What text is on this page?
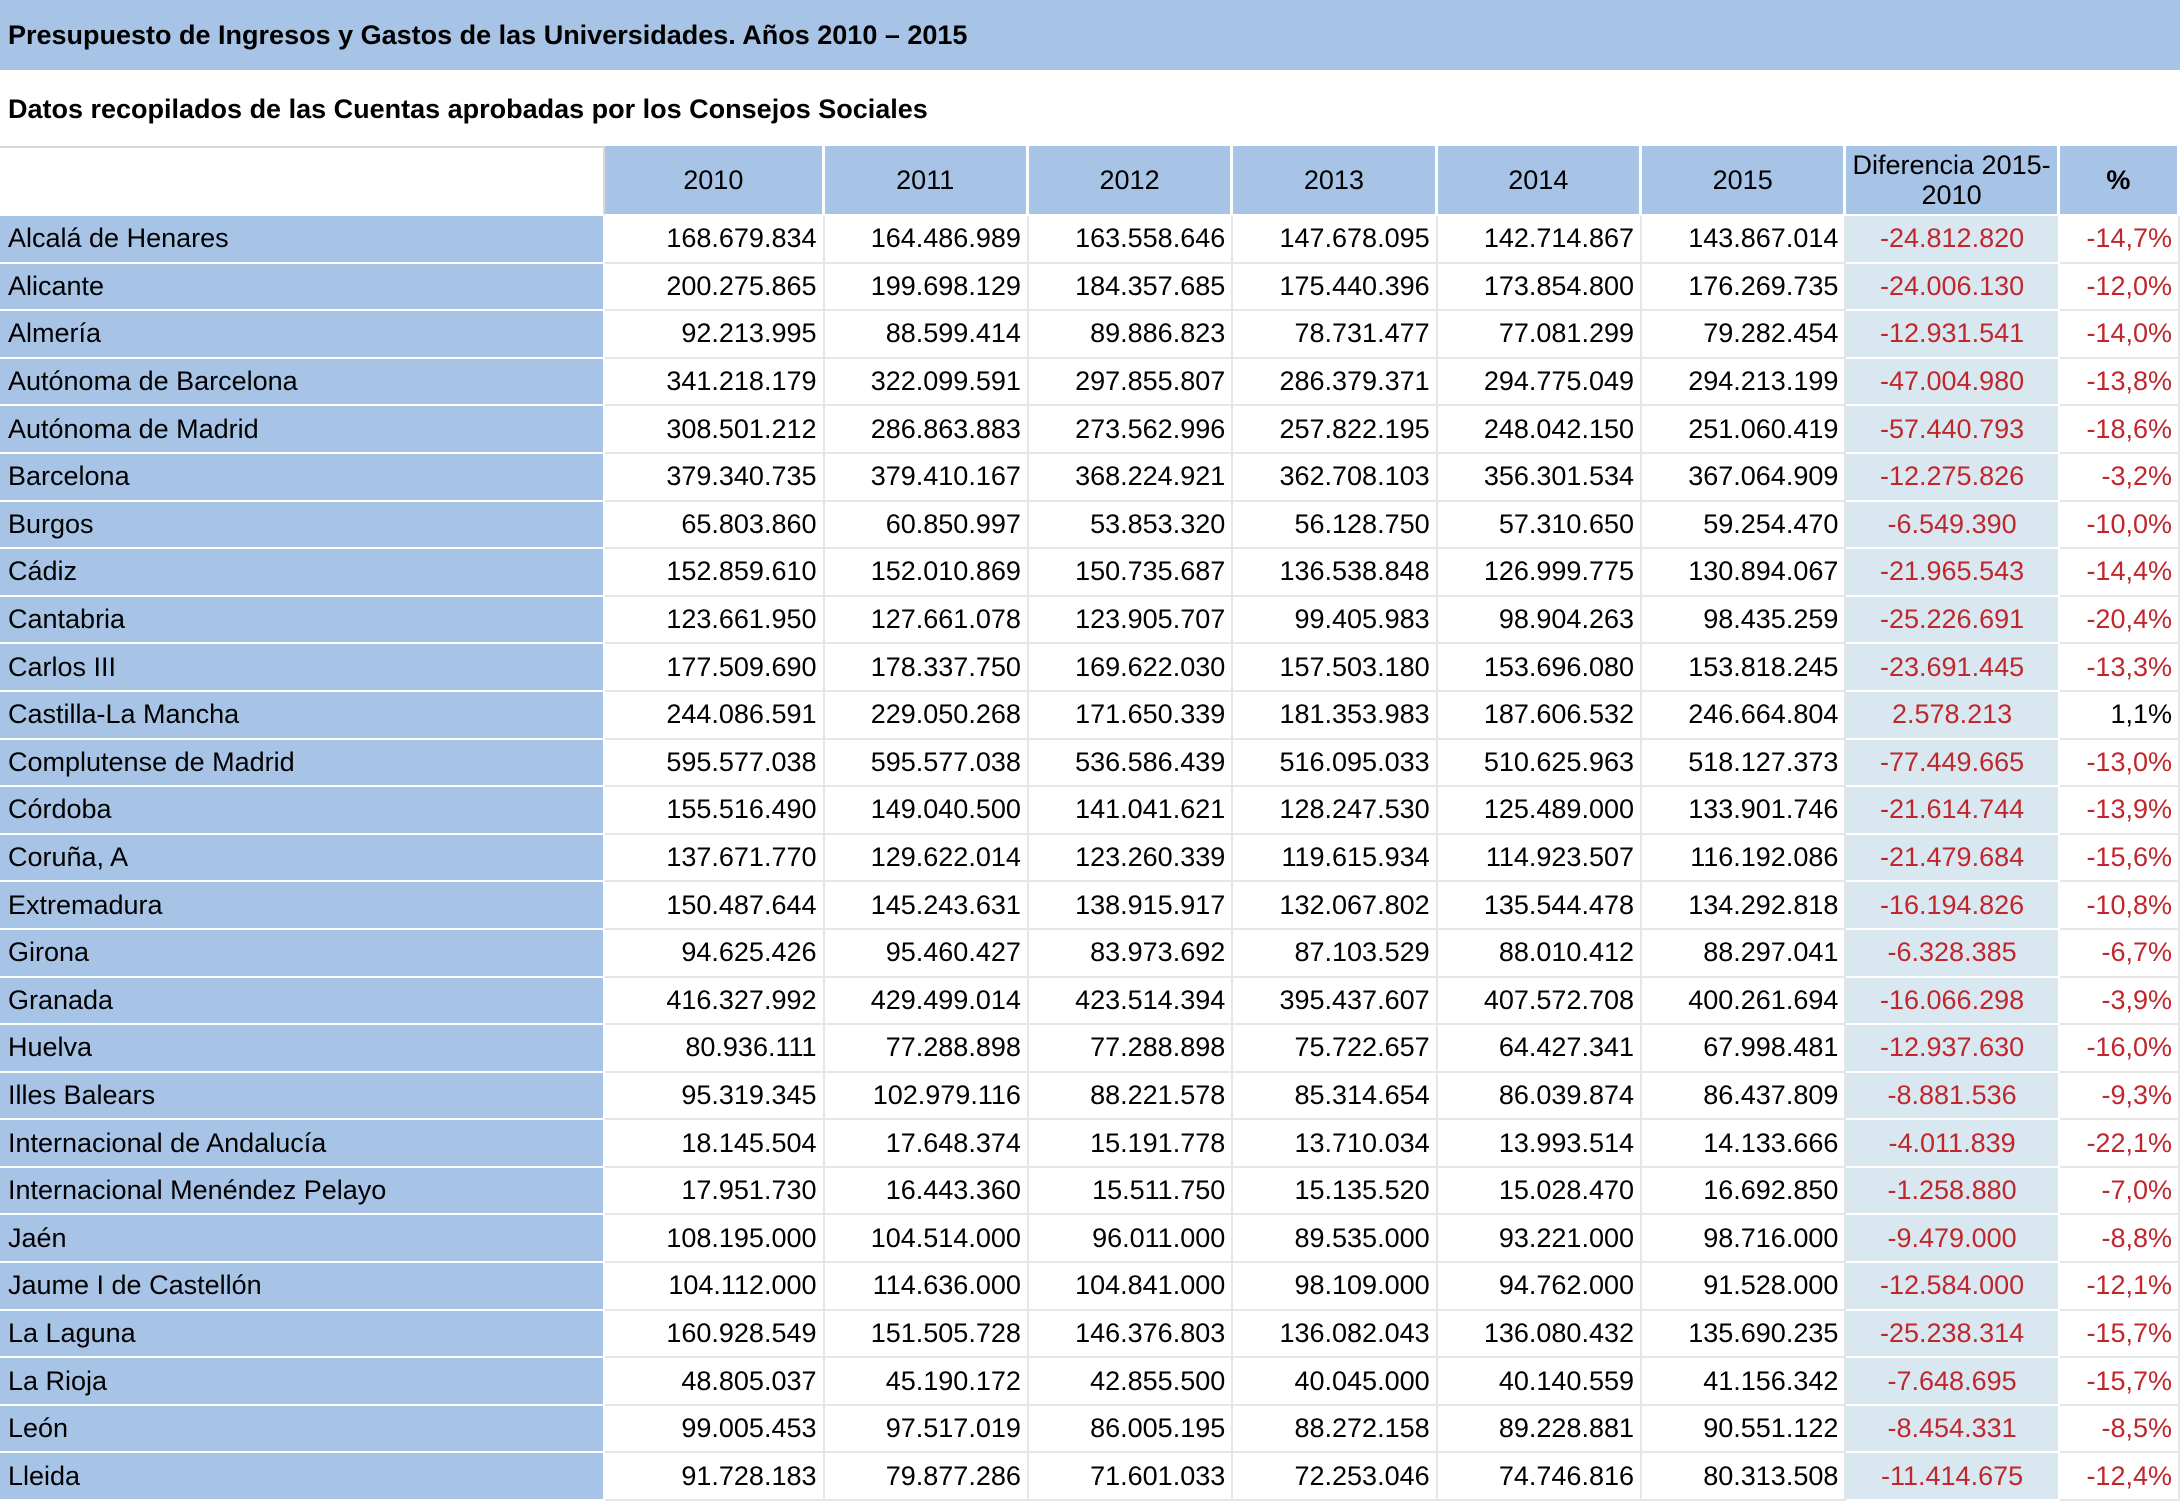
Presupuesto de Ingresos y Gastos de las Universidades. Años 2010 – 2015
Datos recopilados de las Cuentas aprobadas por los Consejos Sociales
	2010	2011	2012	2013	2014	2015	Diferencia 2015-2010	%
Alcalá de Henares	168.679.834	164.486.989	163.558.646	147.678.095	142.714.867	143.867.014	-24.812.820	-14,7%
Alicante	200.275.865	199.698.129	184.357.685	175.440.396	173.854.800	176.269.735	-24.006.130	-12,0%
Almería	92.213.995	88.599.414	89.886.823	78.731.477	77.081.299	79.282.454	-12.931.541	-14,0%
Autónoma de Barcelona	341.218.179	322.099.591	297.855.807	286.379.371	294.775.049	294.213.199	-47.004.980	-13,8%
Autónoma de Madrid	308.501.212	286.863.883	273.562.996	257.822.195	248.042.150	251.060.419	-57.440.793	-18,6%
Barcelona	379.340.735	379.410.167	368.224.921	362.708.103	356.301.534	367.064.909	-12.275.826	-3,2%
Burgos	65.803.860	60.850.997	53.853.320	56.128.750	57.310.650	59.254.470	-6.549.390	-10,0%
Cádiz	152.859.610	152.010.869	150.735.687	136.538.848	126.999.775	130.894.067	-21.965.543	-14,4%
Cantabria	123.661.950	127.661.078	123.905.707	99.405.983	98.904.263	98.435.259	-25.226.691	-20,4%
Carlos III	177.509.690	178.337.750	169.622.030	157.503.180	153.696.080	153.818.245	-23.691.445	-13,3%
Castilla-La Mancha	244.086.591	229.050.268	171.650.339	181.353.983	187.606.532	246.664.804	2.578.213	1,1%
Complutense de Madrid	595.577.038	595.577.038	536.586.439	516.095.033	510.625.963	518.127.373	-77.449.665	-13,0%
Córdoba	155.516.490	149.040.500	141.041.621	128.247.530	125.489.000	133.901.746	-21.614.744	-13,9%
Coruña, A	137.671.770	129.622.014	123.260.339	119.615.934	114.923.507	116.192.086	-21.479.684	-15,6%
Extremadura	150.487.644	145.243.631	138.915.917	132.067.802	135.544.478	134.292.818	-16.194.826	-10,8%
Girona	94.625.426	95.460.427	83.973.692	87.103.529	88.010.412	88.297.041	-6.328.385	-6,7%
Granada	416.327.992	429.499.014	423.514.394	395.437.607	407.572.708	400.261.694	-16.066.298	-3,9%
Huelva	80.936.111	77.288.898	77.288.898	75.722.657	64.427.341	67.998.481	-12.937.630	-16,0%
Illes Balears	95.319.345	102.979.116	88.221.578	85.314.654	86.039.874	86.437.809	-8.881.536	-9,3%
Internacional de Andalucía	18.145.504	17.648.374	15.191.778	13.710.034	13.993.514	14.133.666	-4.011.839	-22,1%
Internacional Menéndez Pelayo	17.951.730	16.443.360	15.511.750	15.135.520	15.028.470	16.692.850	-1.258.880	-7,0%
Jaén	108.195.000	104.514.000	96.011.000	89.535.000	93.221.000	98.716.000	-9.479.000	-8,8%
Jaume I de Castellón	104.112.000	114.636.000	104.841.000	98.109.000	94.762.000	91.528.000	-12.584.000	-12,1%
La Laguna	160.928.549	151.505.728	146.376.803	136.082.043	136.080.432	135.690.235	-25.238.314	-15,7%
La Rioja	48.805.037	45.190.172	42.855.500	40.045.000	40.140.559	41.156.342	-7.648.695	-15,7%
León	99.005.453	97.517.019	86.005.195	88.272.158	89.228.881	90.551.122	-8.454.331	-8,5%
Lleida	91.728.183	79.877.286	71.601.033	72.253.046	74.746.816	80.313.508	-11.414.675	-12,4%
